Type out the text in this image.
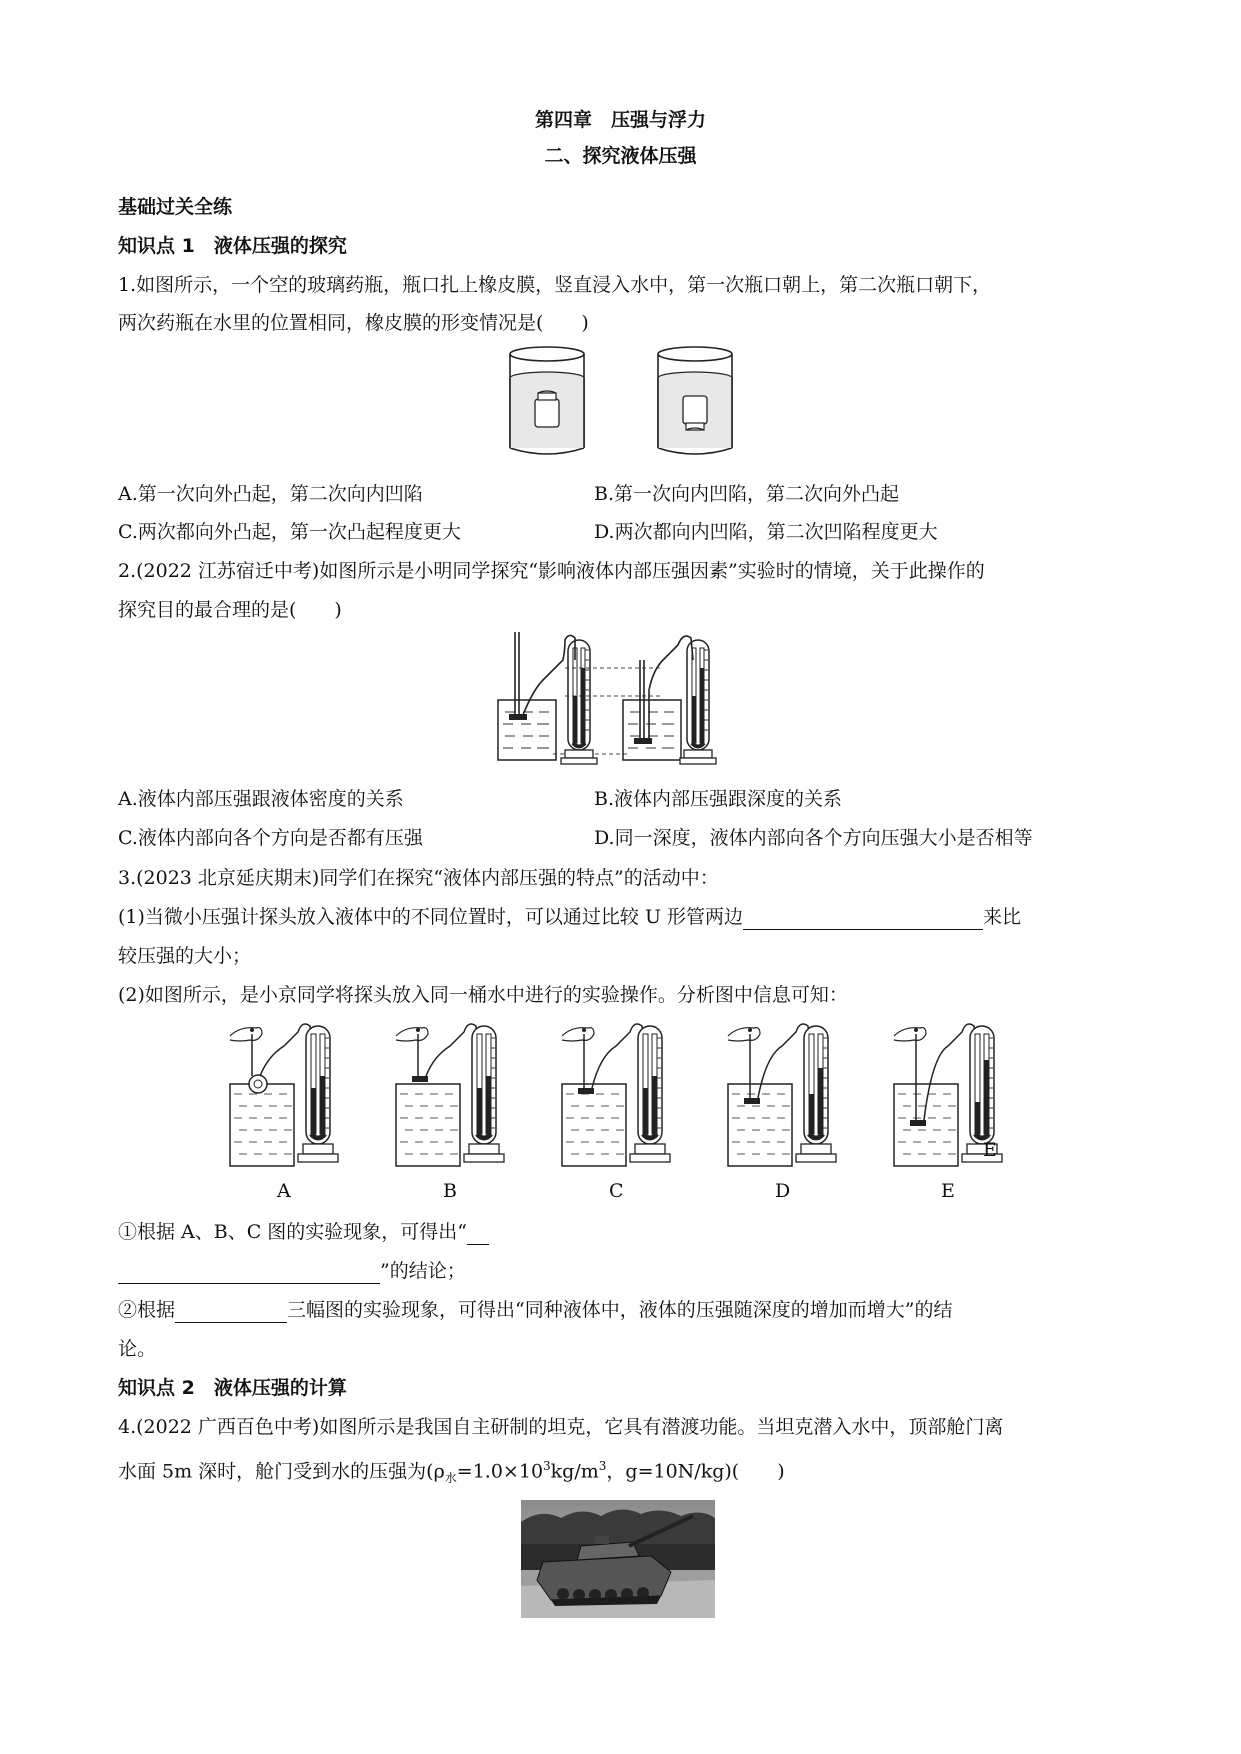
第四章　压强与浮力
二、探究液体压强
基础过关全练
知识点 1　液体压强的探究
1.如图所示，一个空的玻璃药瓶，瓶口扎上橡皮膜，竖直浸入水中，第一次瓶口朝上，第二次瓶口朝下，
两次药瓶在水里的位置相同，橡皮膜的形变情况是(　　)
A.第一次向外凸起，第二次向内凹陷	B.第一次向内凹陷，第二次向外凸起
C.两次都向外凸起，第一次凸起程度更大	D.两次都向内凹陷，第二次凹陷程度更大
2.(2022 江苏宿迁中考)如图所示是小明同学探究“影响液体内部压强因素”实验时的情境，关于此操作的
探究目的最合理的是(　　)
A.液体内部压强跟液体密度的关系	B.液体内部压强跟深度的关系
C.液体内部向各个方向是否都有压强	D.同一深度，液体内部向各个方向压强大小是否相等
3.(2023 北京延庆期末)同学们在探究“液体内部压强的特点”的活动中：
(1)当微小压强计探头放入液体中的不同位置时，可以通过比较 U 形管两边	来比
较压强的大小；
(2)如图所示，是小京同学将探头放入同一桶水中进行的实验操作。分析图中信息可知：
A	B	C	D	E
E
①根据 A、B、C 图的实验现象，可得出“
”的结论；
②根据	三幅图的实验现象，可得出“同种液体中，液体的压强随深度的增加而增大”的结
论。
知识点 2　液体压强的计算
4.(2022 广西百色中考)如图所示是我国自主研制的坦克，它具有潜渡功能。当坦克潜入水中，顶部舱门离
水面 5m 深时，舱门受到水的压强为($\rho_水=1.0\times 10^3kg/m^3$，g=10N/kg)(　　)
